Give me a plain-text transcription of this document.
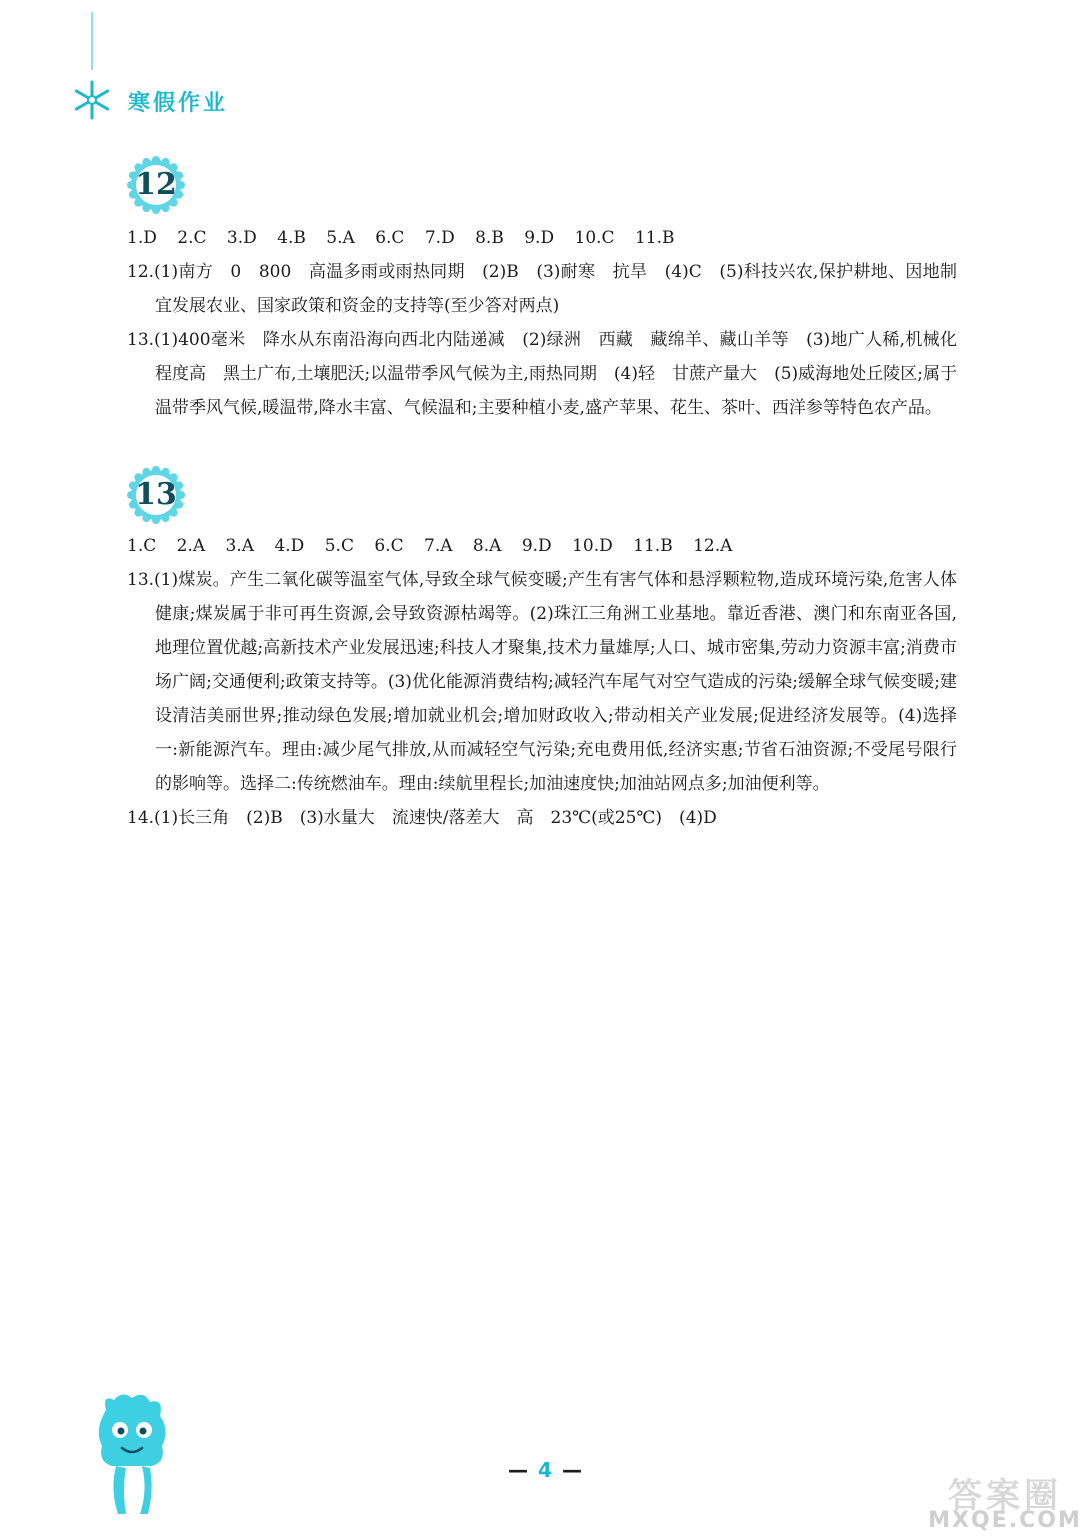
寒假作业
12
1.D 2.C 3.D 4.B 5.A 6.C 7.D 8.B 9.D 10.C 11.B
12.(1)南方　0　800　高温多雨或雨热同期　(2)B　(3)耐寒　抗旱　(4)C　(5)科技兴农,保护耕地、因地制宜发展农业、国家政策和资金的支持等(至少答对两点)
13.(1)400毫米　降水从东南沿海向西北内陆递减　(2)绿洲　西藏　藏绵羊、藏山羊等　(3)地广人稀,机械化程度高　黑土广布,土壤肥沃;以温带季风气候为主,雨热同期　(4)轻　甘蔗产量大　(5)威海地处丘陵区;属于温带季风气候,暖温带,降水丰富、气候温和;主要种植小麦,盛产苹果、花生、茶叶、西洋参等特色农产品。
13
1.C 2.A 3.A 4.D 5.C 6.C 7.A 8.A 9.D 10.D 11.B 12.A
13.(1)煤炭。产生二氧化碳等温室气体,导致全球气候变暖;产生有害气体和悬浮颗粒物,造成环境污染,危害人体健康;煤炭属于非可再生资源,会导致资源枯竭等。(2)珠江三角洲工业基地。靠近香港、澳门和东南亚各国,地理位置优越;高新技术产业发展迅速;科技人才聚集,技术力量雄厚;人口、城市密集,劳动力资源丰富;消费市场广阔;交通便利;政策支持等。(3)优化能源消费结构;减轻汽车尾气对空气造成的污染;缓解全球气候变暖;建设清洁美丽世界;推动绿色发展;增加就业机会;增加财政收入;带动相关产业发展;促进经济发展等。(4)选择一:新能源汽车。理由:减少尾气排放,从而减轻空气污染;充电费用低,经济实惠;节省石油资源;不受尾号限行的影响等。选择二:传统燃油车。理由:续航里程长;加油速度快;加油站网点多;加油便利等。
14.(1)长三角　(2)B　(3)水量大　流速快/落差大　高　23℃(或25℃)　(4)D
— 4 —
答案圈
MXQE.COM
